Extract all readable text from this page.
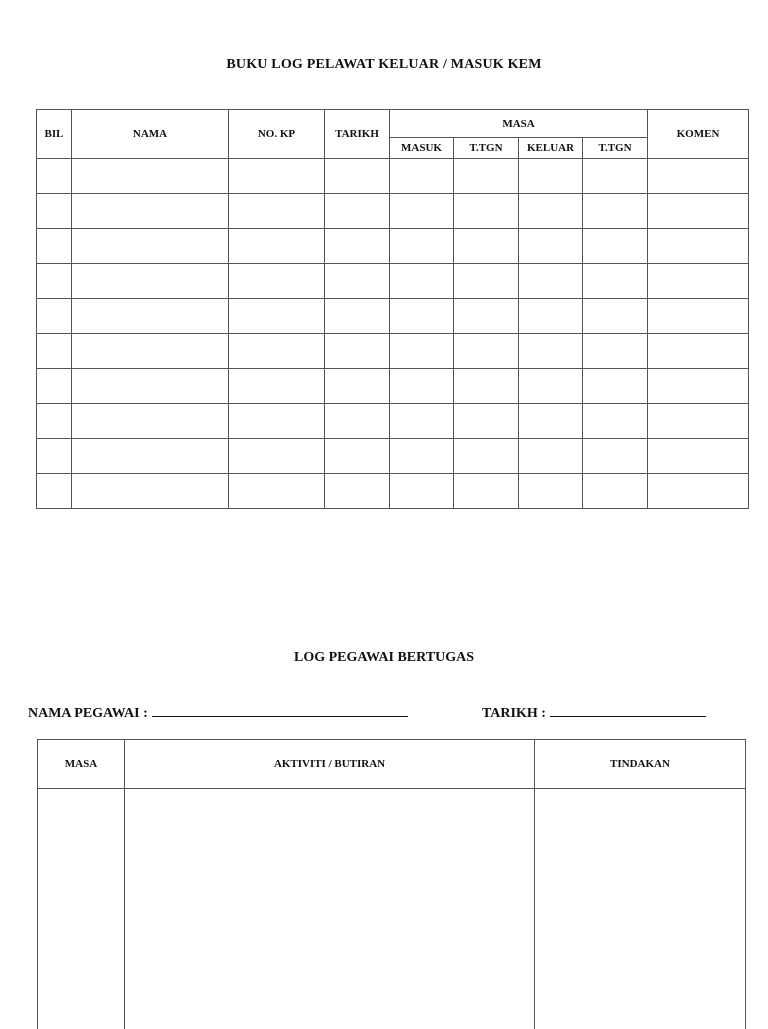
BUKU LOG PELAWAT KELUAR / MASUK KEM
BIL	NAMA	NO. KP	TARIKH	MASA				KOMEN
				MASUK	T.TGN	KELUAR	T.TGN	

LOG PEGAWAI BERTUGAS
NAMA PEGAWAI :	TARIKH :
MASA	AKTIVITI / BUTIRAN	TINDAKAN
